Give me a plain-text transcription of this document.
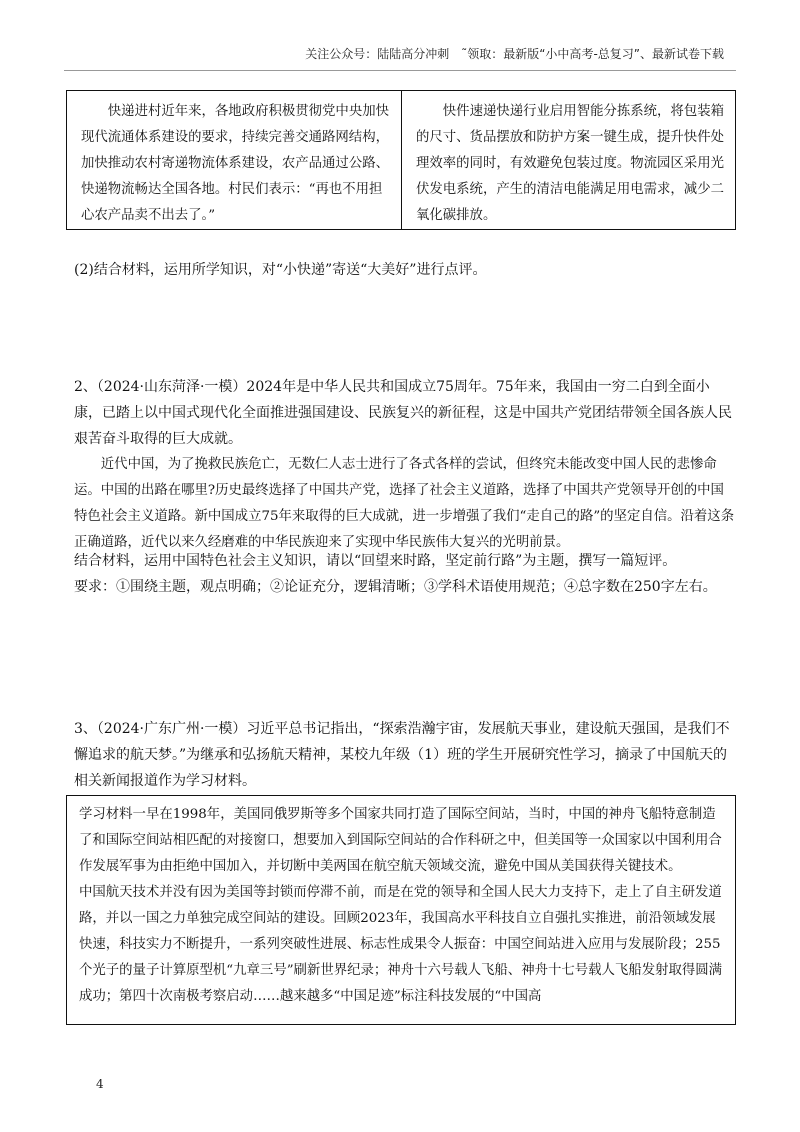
关注公众号：陆陆高分冲刺　˜领取：最新版“小中高考-总复习”、最新试卷下载
快递进村近年来，各地政府积极贯彻党中央加快现代流通体系建设的要求，持续完善交通路网结构，加快推动农村寄递物流体系建设，农产品通过公路、快递物流畅达全国各地。村民们表示：“再也不用担心农产品卖不出去了。”
快件速递快递行业启用智能分拣系统，将包装箱的尺寸、货品摆放和防护方案一键生成，提升快件处理效率的同时，有效避免包装过度。物流园区采用光伏发电系统，产生的清洁电能满足用电需求，减少二氧化碳排放。

(2)结合材料，运用所学知识，对“小快递”寄送“大美好”进行点评。

2、（2024·山东菏泽·一模）2024年是中华人民共和国成立75周年。75年来，我国由一穷二白到全面小康，已踏上以中国式现代化全面推进强国建设、民族复兴的新征程，这是中国共产党团结带领全国各族人民艰苦奋斗取得的巨大成就。

近代中国，为了挽救民族危亡，无数仁人志士进行了各式各样的尝试，但终究未能改变中国人民的悲惨命运。中国的出路在哪里?历史最终选择了中国共产党，选择了社会主义道路，选择了中国共产党领导开创的中国特色社会主义道路。新中国成立75年来取得的巨大成就，进一步增强了我们“走自己的路”的坚定自信。沿着这条正确道路，近代以来久经磨难的中华民族迎来了实现中华民族伟大复兴的光明前景。

结合材料，运用中国特色社会主义知识，请以“回望来时路，坚定前行路”为主题，撰写一篇短评。

要求：①围绕主题，观点明确；②论证充分，逻辑清晰；③学科术语使用规范；④总字数在250字左右。

3、（2024·广东广州·一模）习近平总书记指出，“探索浩瀚宇宙，发展航天事业，建设航天强国，是我们不懈追求的航天梦。”为继承和弘扬航天精神，某校九年级（1）班的学生开展研究性学习，摘录了中国航天的相关新闻报道作为学习材料。

学习材料一早在1998年，美国同俄罗斯等多个国家共同打造了国际空间站，当时，中国的神舟飞船特意制造了和国际空间站相匹配的对接窗口，想要加入到国际空间站的合作科研之中，但美国等一众国家以中国利用合作发展军事为由拒绝中国加入，并切断中美两国在航空航天领域交流，避免中国从美国获得关键技术。

中国航天技术并没有因为美国等封锁而停滞不前，而是在党的领导和全国人民大力支持下，走上了自主研发道路，并以一国之力单独完成空间站的建设。回顾2023年，我国高水平科技自立自强扎实推进，前沿领域发展快速，科技实力不断提升，一系列突破性进展、标志性成果令人振奋：中国空间站进入应用与发展阶段；255个光子的量子计算原型机“九章三号”刷新世界纪录；神舟十六号载人飞船、神舟十七号载人飞船发射取得圆满成功；第四十次南极考察启动……越来越多“中国足迹”标注科技发展的“中国高

4
